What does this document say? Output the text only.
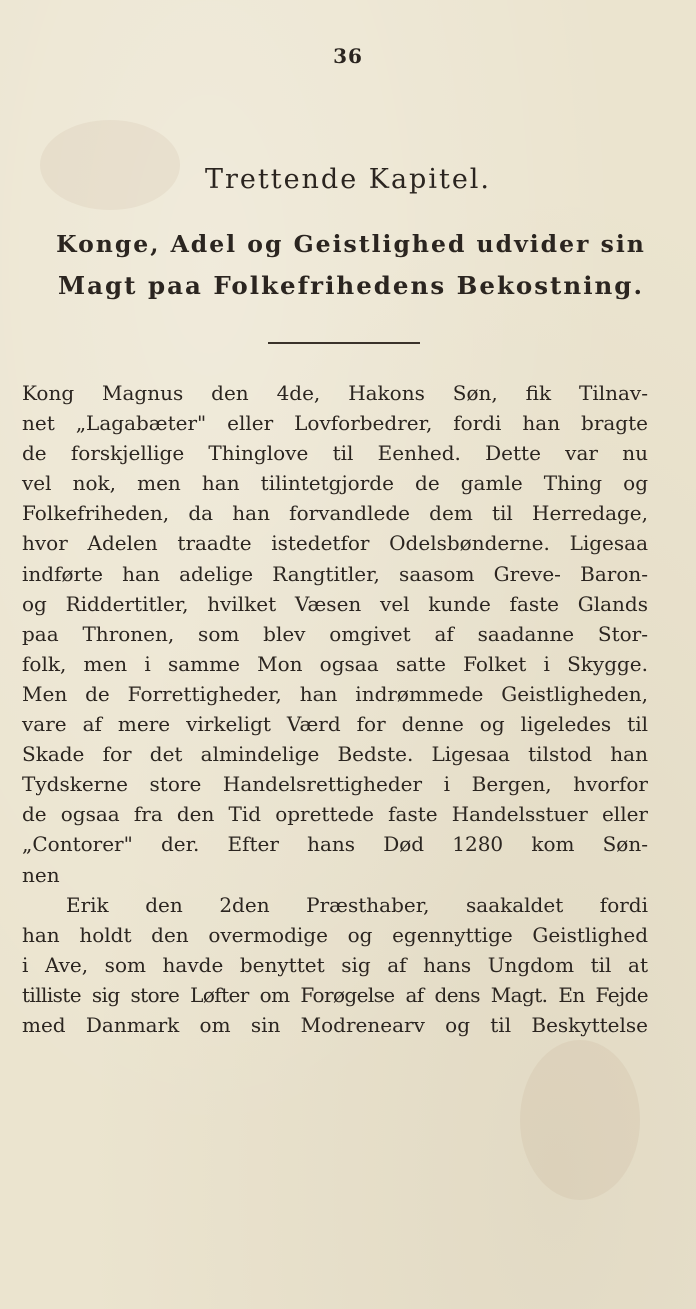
36
Trettende Kapitel.
Konge, Adel og Geistlighed udvider sin
Magt paa Folkefrihedens Bekostning.
Kong Magnus den 4de, Hakons Søn, fik Tilnav-
net „Lagabæter" eller Lovforbedrer, fordi han bragte
de forskjellige Thinglove til Eenhed. Dette var nu
vel nok, men han tilintetgjorde de gamle Thing og
Folkefriheden, da han forvandlede dem til Herredage,
hvor Adelen traadte istedetfor Odelsbønderne. Ligesaa
indførte han adelige Rangtitler, saasom Greve- Baron-
og Riddertitler, hvilket Væsen vel kunde faste Glands
paa Thronen, som blev omgivet af saadanne Stor-
folk, men i samme Mon ogsaa satte Folket i Skygge.
Men de Forrettigheder, han indrømmede Geistligheden,
vare af mere virkeligt Værd for denne og ligeledes til
Skade for det almindelige Bedste. Ligesaa tilstod han
Tydskerne store Handelsrettigheder i Bergen, hvorfor
de ogsaa fra den Tid oprettede faste Handelsstuer eller
„Contorer" der. Efter hans Død 1280 kom Søn-
nen
Erik den 2den Præsthaber, saakaldet fordi
han holdt den overmodige og egennyttige Geistlighed
i Ave, som havde benyttet sig af hans Ungdom til at
tilliste sig store Løfter om Forøgelse af dens Magt. En Fejde
med Danmark om sin Modrenearv og til Beskyttelse
